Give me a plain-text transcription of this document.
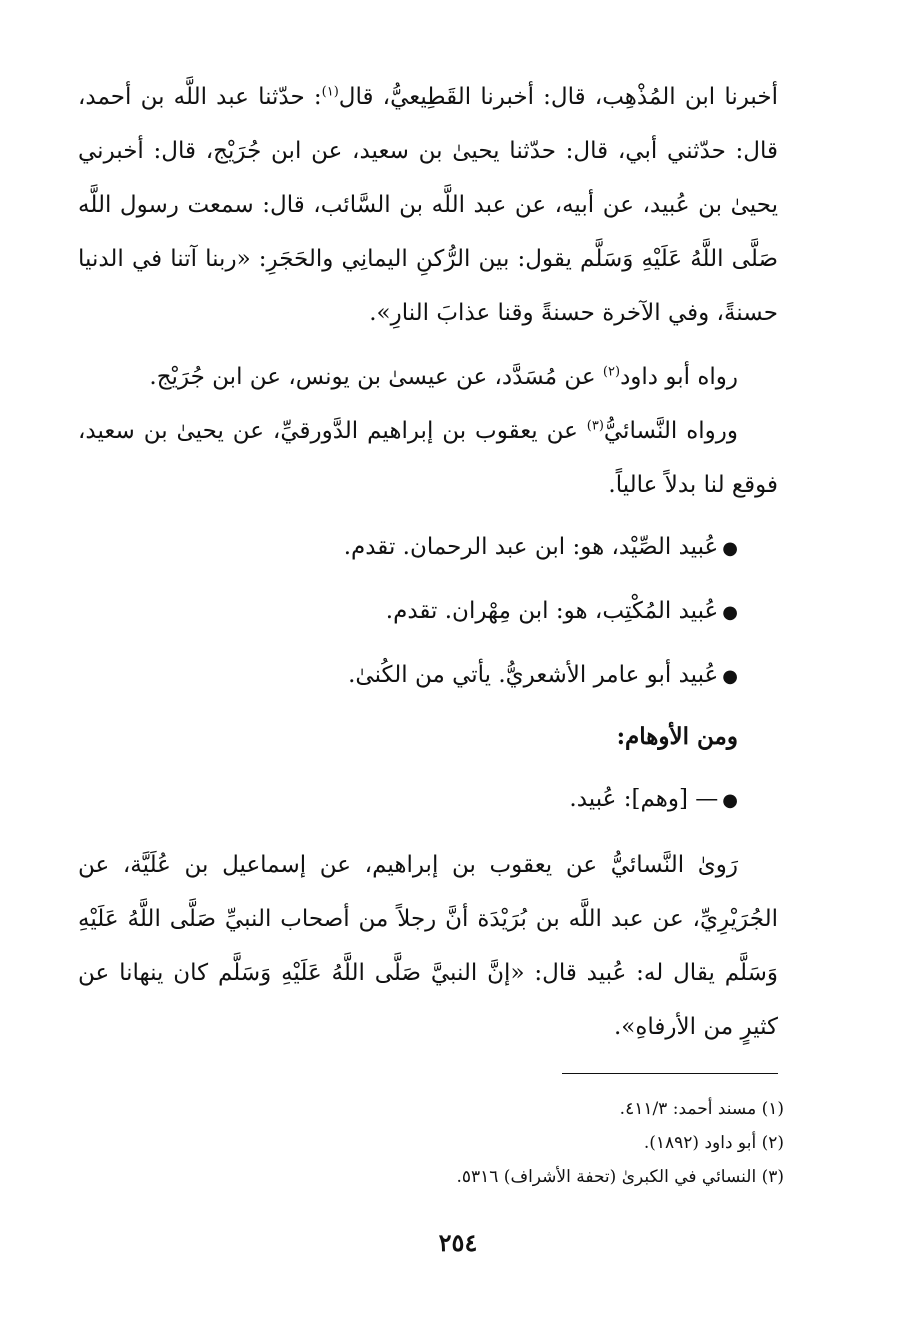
أخبرنا ابن المُذْهِب، قال: أخبرنا القَطِيعيُّ، قال$^{(١)}$: حدّثنا عبد اللَّه بن أحمد، قال: حدّثني أبي، قال: حدّثنا يحيىٰ بن سعيد، عن ابن جُرَيْج، قال: أخبرني يحيىٰ بن عُبيد، عن أبيه، عن عبد اللَّه بن السَّائب، قال: سمعت رسول اللَّه صَلَّى اللَّهُ عَلَيْهِ وَسَلَّم يقول: بين الرُّكنِ اليمانِي والحَجَرِ: «ربنا آتنا في الدنيا حسنةً، وفي الآخرة حسنةً وقنا عذابَ النارِ».

رواه أبو داود$^{(٢)}$ عن مُسَدَّد، عن عيسىٰ بن يونس، عن ابن جُرَيْج.

ورواه النَّسائيُّ$^{(٣)}$ عن يعقوب بن إبراهيم الدَّورقيِّ، عن يحيىٰ بن سعيد، فوقع لنا بدلاً عالياً.

●عُبيد الصِّيْد، هو: ابن عبد الرحمان. تقدم.

●عُبيد المُكْتِب، هو: ابن مِهْران. تقدم.

●عُبيد أبو عامر الأشعريُّ. يأتي من الكُنىٰ.

ومن الأوهام:

●— [وهم]: عُبيد.

رَوىٰ النَّسائيُّ عن يعقوب بن إبراهيم، عن إسماعيل بن عُلَيَّة، عن الجُرَيْرِيِّ، عن عبد اللَّه بن بُرَيْدَة أنَّ رجلاً من أصحاب النبيِّ صَلَّى اللَّهُ عَلَيْهِ وَسَلَّم يقال له: عُبيد قال: «إنَّ النبيَّ صَلَّى اللَّهُ عَلَيْهِ وَسَلَّم كان ينهانا عن كثيرٍ من الأرفاهِ».

(١) مسند أحمد: ٤١١/٣.

(٢) أبو داود (١٨٩٢).

(٣) النسائي في الكبرىٰ (تحفة الأشراف) ٥٣١٦.

٢٥٤
